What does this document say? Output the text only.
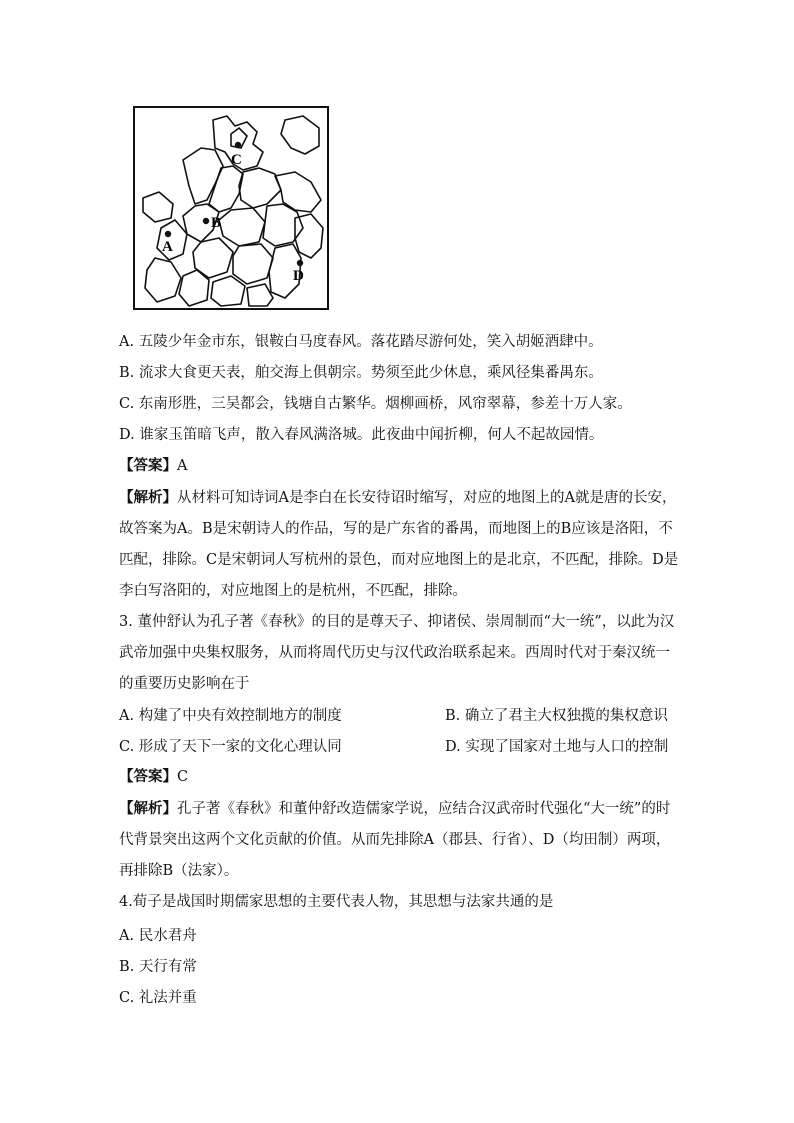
A
B
C
D
A. 五陵少年金市东，银鞍白马度春风。落花踏尽游何处，笑入胡姬酒肆中。
B. 流求大食更天表，舶交海上俱朝宗。势须至此少休息，乘风径集番禺东。
C. 东南形胜，三吴都会，钱塘自古繁华。烟柳画桥，风帘翠幕，参差十万人家。
D. 谁家玉笛暗飞声，散入春风满洛城。此夜曲中闻折柳，何人不起故园情。
【答案】A
【解析】从材料可知诗词A是李白在长安待诏时缩写，对应的地图上的A就是唐的长安，故答案为A。B是宋朝诗人的作品，写的是广东省的番禺，而地图上的B应该是洛阳，不匹配，排除。C是宋朝词人写杭州的景色，而对应地图上的是北京，不匹配，排除。D是李白写洛阳的，对应地图上的是杭州，不匹配，排除。
3. 董仲舒认为孔子著《春秋》的目的是尊天子、抑诸侯、崇周制而“大一统”，以此为汉武帝加强中央集权服务，从而将周代历史与汉代政治联系起来。西周时代对于秦汉统一的重要历史影响在于
A. 构建了中央有效控制地方的制度	B. 确立了君主大权独揽的集权意识
C. 形成了天下一家的文化心理认同	D. 实现了国家对土地与人口的控制
【答案】C
【解析】孔子著《春秋》和董仲舒改造儒家学说，应结合汉武帝时代强化“大一统”的时代背景突出这两个文化贡献的价值。从而先排除A（郡县、行省）、D（均田制）两项，再排除B（法家）。
4.荀子是战国时期儒家思想的主要代表人物，其思想与法家共通的是
A. 民水君舟
B. 天行有常
C. 礼法并重
